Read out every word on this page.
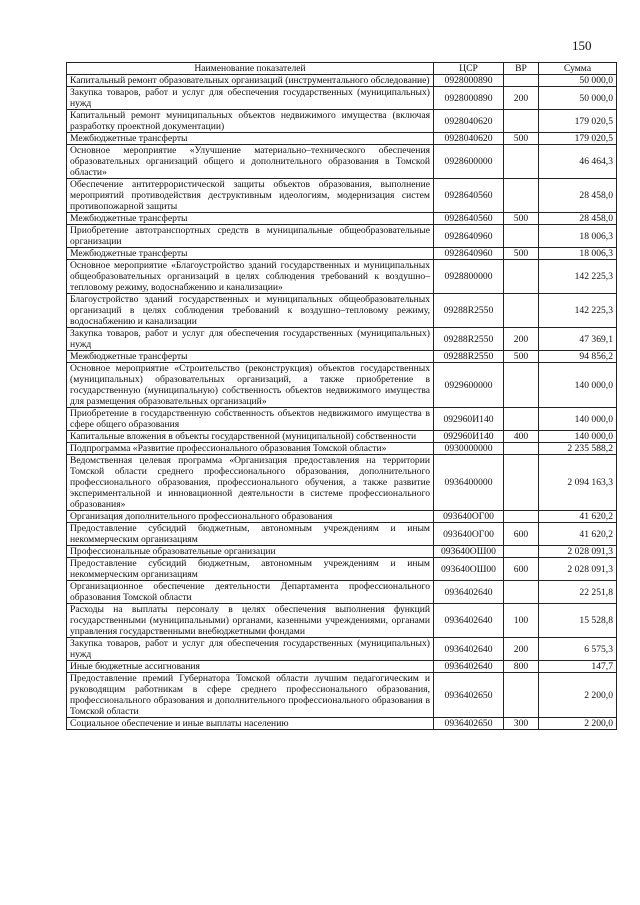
150
Наименование показателей	ЦСР	ВР	Сумма
Капитальный ремонт образовательных организаций (инструментального обследование)	0928000890		50 000,0
Закупка товаров, работ и услуг для обеспечения государственных (муниципальных) нужд	0928000890	200	50 000,0
Капитальный ремонт муниципальных объектов недвижимого имущества (включая разработку проектной документации)	0928040620		179 020,5
Межбюджетные трансферты	0928040620	500	179 020,5
Основное мероприятие «Улучшение материально–технического обеспечения образовательных организаций общего и дополнительного образования в Томской области»	0928600000		46 464,3
Обеспечение антитеррористической защиты объектов образования, выполнение мероприятий противодействия деструктивным идеологиям, модернизация систем противопожарной защиты	0928640560		28 458,0
Межбюджетные трансферты	0928640560	500	28 458,0
Приобретение автотранспортных средств в муниципальные общеобразовательные организации	0928640960		18 006,3
Межбюджетные трансферты	0928640960	500	18 006,3
Основное мероприятие «Благоустройство зданий государственных и муниципальных общеобразовательных организаций в целях соблюдения требований к воздушно–тепловому режиму, водоснабжению и канализации»	0928800000		142 225,3
Благоустройство зданий государственных и муниципальных общеобразовательных организаций в целях соблюдения требований к воздушно–тепловому режиму, водоснабжению и канализации	09288R2550		142 225,3
Закупка товаров, работ и услуг для обеспечения государственных (муниципальных) нужд	09288R2550	200	47 369,1
Межбюджетные трансферты	09288R2550	500	94 856,2
Основное мероприятие «Строительство (реконструкция) объектов государственных (муниципальных) образовательных организаций, а также приобретение в государственную (муниципальную) собственность объектов недвижимого имущества для размещения образовательных организаций»	0929600000		140 000,0
Приобретение в государственную собственность объектов недвижимого имущества в сфере общего образования	092960И140		140 000,0
Капитальные вложения в объекты государственной (муниципальной) собственности	092960И140	400	140 000,0
Подпрограмма «Развитие профессионального образования Томской области»	0930000000		2 235 588,2
Ведомственная целевая программа «Организация предоставления на территории Томской области среднего профессионального образования, дополнительного профессионального образования, профессионального обучения, а также развитие экспериментальной и инновационной деятельности в системе профессионального образования»	0936400000		2 094 163,3
Организация дополнительного профессионального образования	093640ОГ00		41 620,2
Предоставление субсидий бюджетным, автономным учреждениям и иным некоммерческим организациям	093640ОГ00	600	41 620,2
Профессиональные образовательные организации	093640ОШ00		2 028 091,3
Предоставление субсидий бюджетным, автономным учреждениям и иным некоммерческим организациям	093640ОШ00	600	2 028 091,3
Организационное обеспечение деятельности Департамента профессионального образования Томской области	0936402640		22 251,8
Расходы на выплаты персоналу в целях обеспечения выполнения функций государственными (муниципальными) органами, казенными учреждениями, органами управления государственными внебюджетными фондами	0936402640	100	15 528,8
Закупка товаров, работ и услуг для обеспечения государственных (муниципальных) нужд	0936402640	200	6 575,3
Иные бюджетные ассигнования	0936402640	800	147,7
Предоставление премий Губернатора Томской области лучшим педагогическим и руководящим работникам в сфере среднего профессионального образования, профессионального образования и дополнительного профессионального образования в Томской области	0936402650		2 200,0
Социальное обеспечение и иные выплаты населению	0936402650	300	2 200,0
